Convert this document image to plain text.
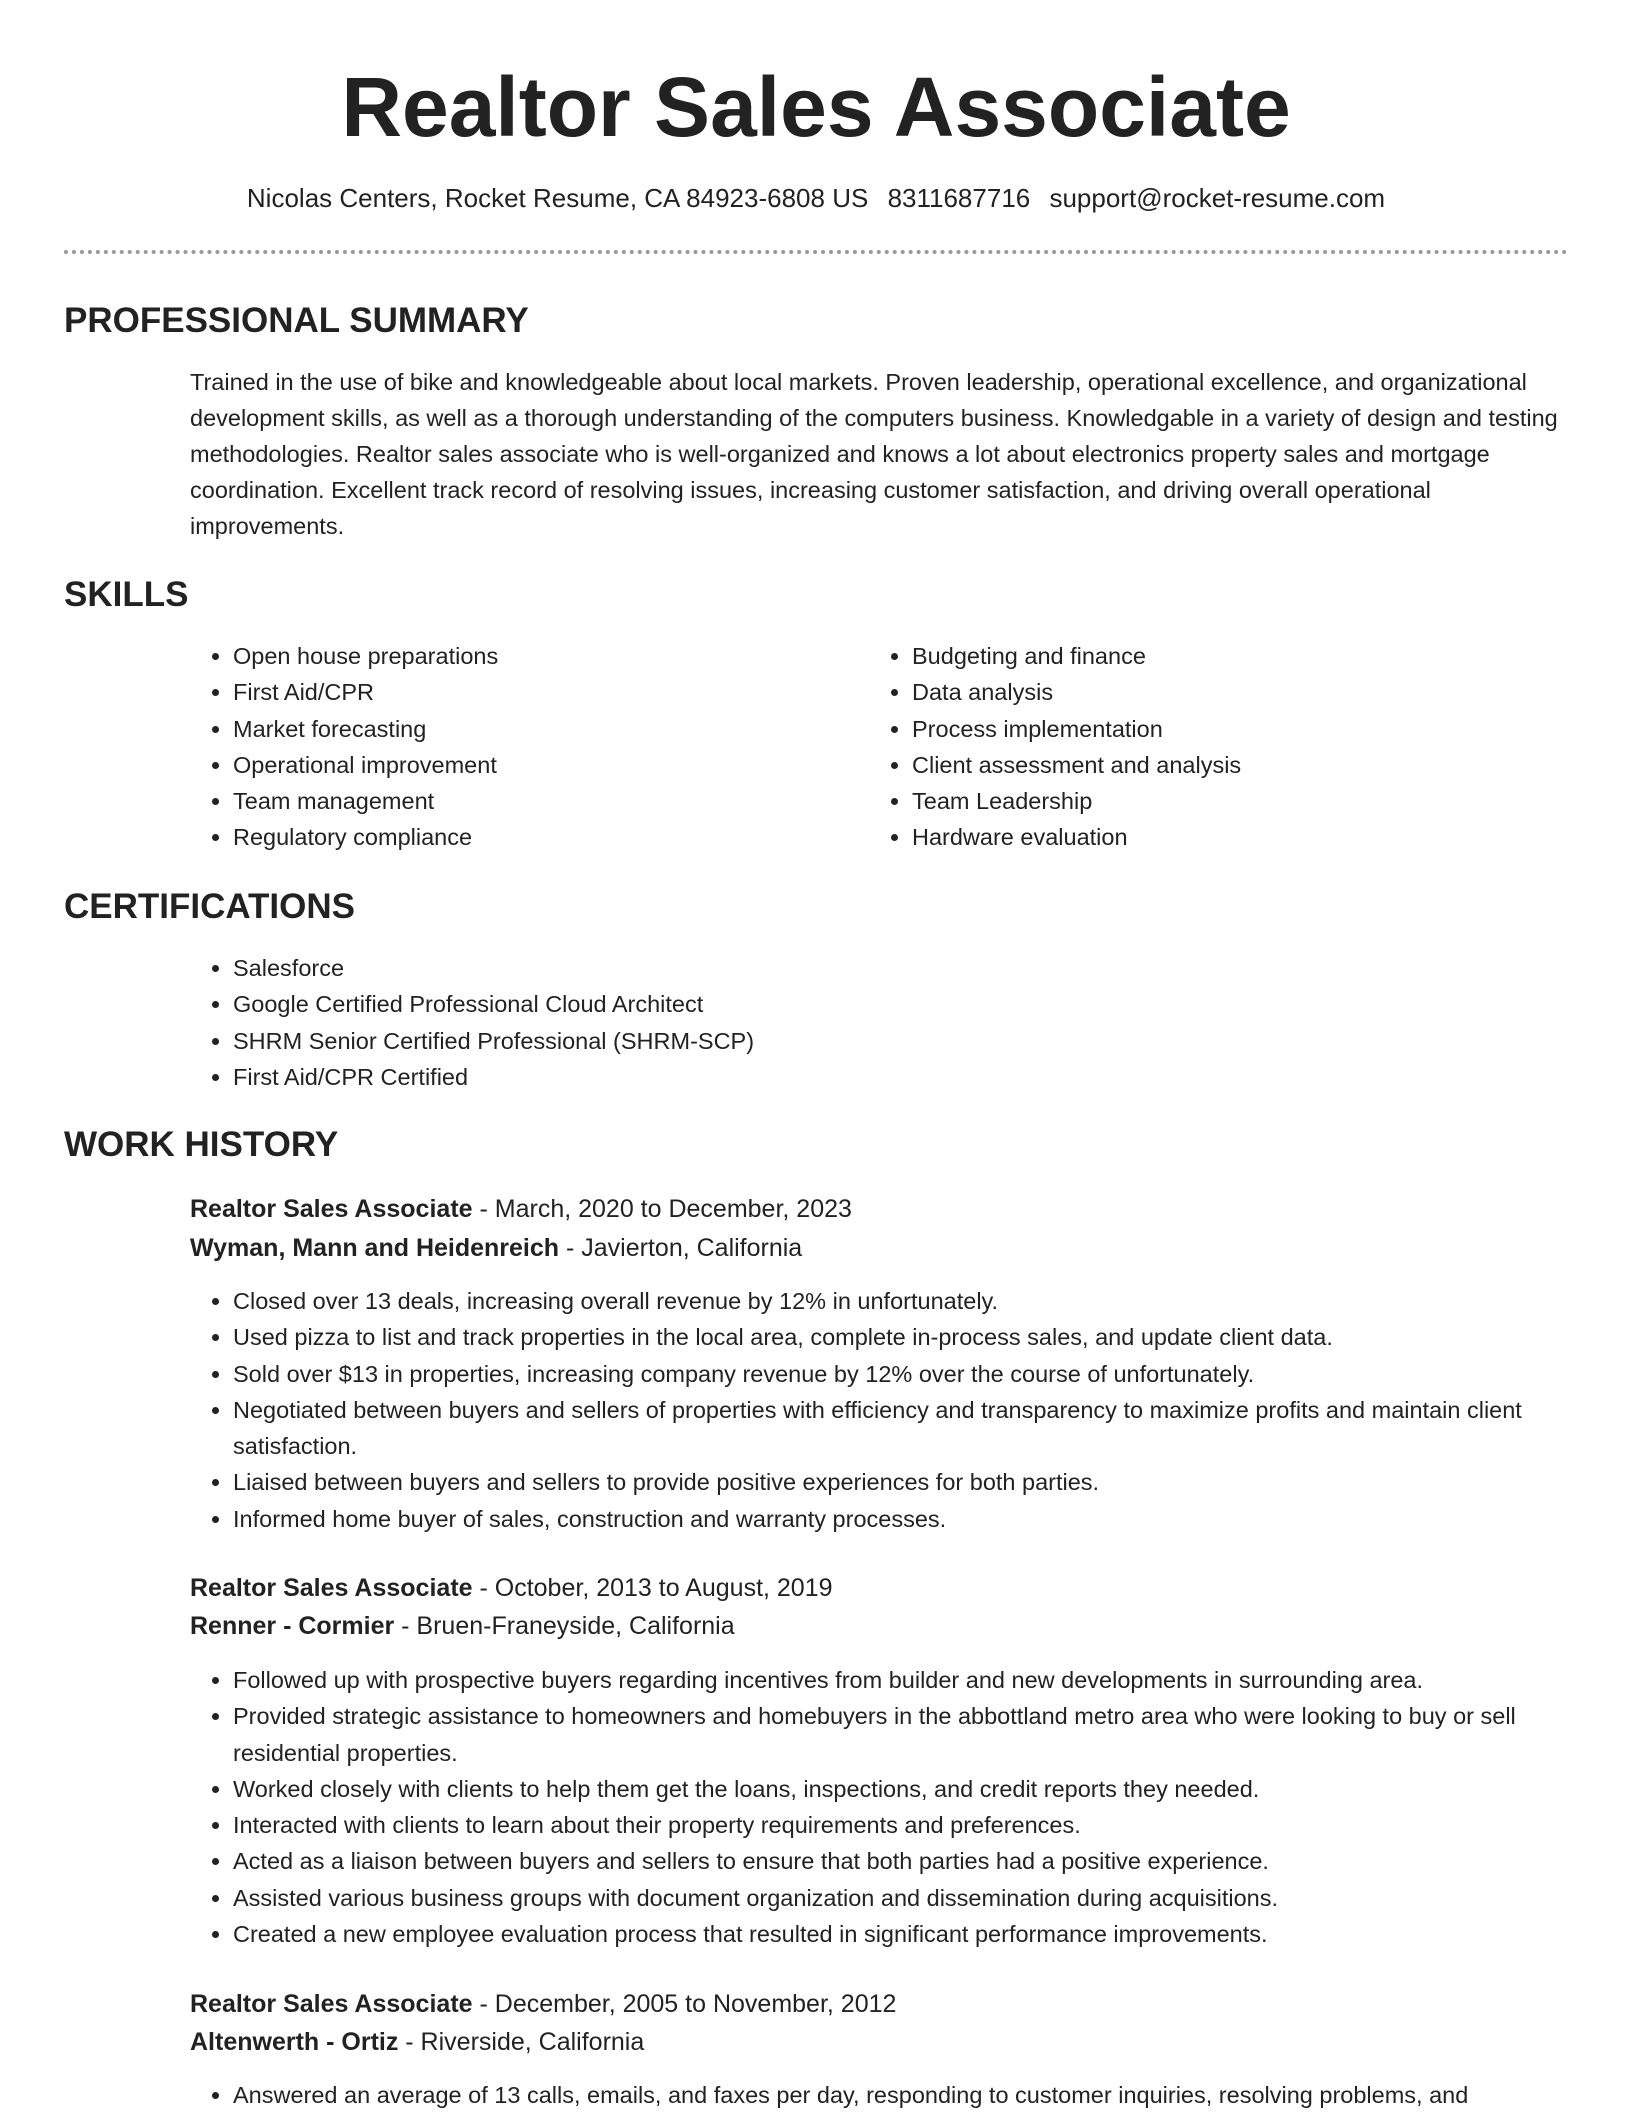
Realtor Sales Associate
Nicolas Centers, Rocket Resume, CA 84923-6808 US 8311687716 support@rocket-resume.com
PROFESSIONAL SUMMARY

Trained in the use of bike and knowledgeable about local markets. Proven leadership, operational excellence, and organizational development skills, as well as a thorough understanding of the computers business. Knowledgable in a variety of design and testing methodologies. Realtor sales associate who is well-organized and knows a lot about electronics property sales and mortgage coordination. Excellent track record of resolving issues, increasing customer satisfaction, and driving overall operational improvements.

SKILLS
• Open house preparations
• First Aid/CPR
• Market forecasting
• Operational improvement
• Team management
• Regulatory compliance
• Budgeting and finance
• Data analysis
• Process implementation
• Client assessment and analysis
• Team Leadership
• Hardware evaluation
CERTIFICATIONS
• Salesforce
• Google Certified Professional Cloud Architect
• SHRM Senior Certified Professional (SHRM-SCP)
• First Aid/CPR Certified
WORK HISTORY
Realtor Sales Associate - March, 2020 to December, 2023
Wyman, Mann and Heidenreich - Javierton, California
• Closed over 13 deals, increasing overall revenue by 12% in unfortunately.
• Used pizza to list and track properties in the local area, complete in-process sales, and update client data.
• Sold over $13 in properties, increasing company revenue by 12% over the course of unfortunately.
• Negotiated between buyers and sellers of properties with efficiency and transparency to maximize profits and maintain client satisfaction.
• Liaised between buyers and sellers to provide positive experiences for both parties.
• Informed home buyer of sales, construction and warranty processes.
Realtor Sales Associate - October, 2013 to August, 2019
Renner - Cormier - Bruen-Franeyside, California
• Followed up with prospective buyers regarding incentives from builder and new developments in surrounding area.
• Provided strategic assistance to homeowners and homebuyers in the abbottland metro area who were looking to buy or sell residential properties.
• Worked closely with clients to help them get the loans, inspections, and credit reports they needed.
• Interacted with clients to learn about their property requirements and preferences.
• Acted as a liaison between buyers and sellers to ensure that both parties had a positive experience.
• Assisted various business groups with document organization and dissemination during acquisitions.
• Created a new employee evaluation process that resulted in significant performance improvements.
Realtor Sales Associate - December, 2005 to November, 2012
Altenwerth - Ortiz - Riverside, California
• Answered an average of 13 calls, emails, and faxes per day, responding to customer inquiries, resolving problems, and
